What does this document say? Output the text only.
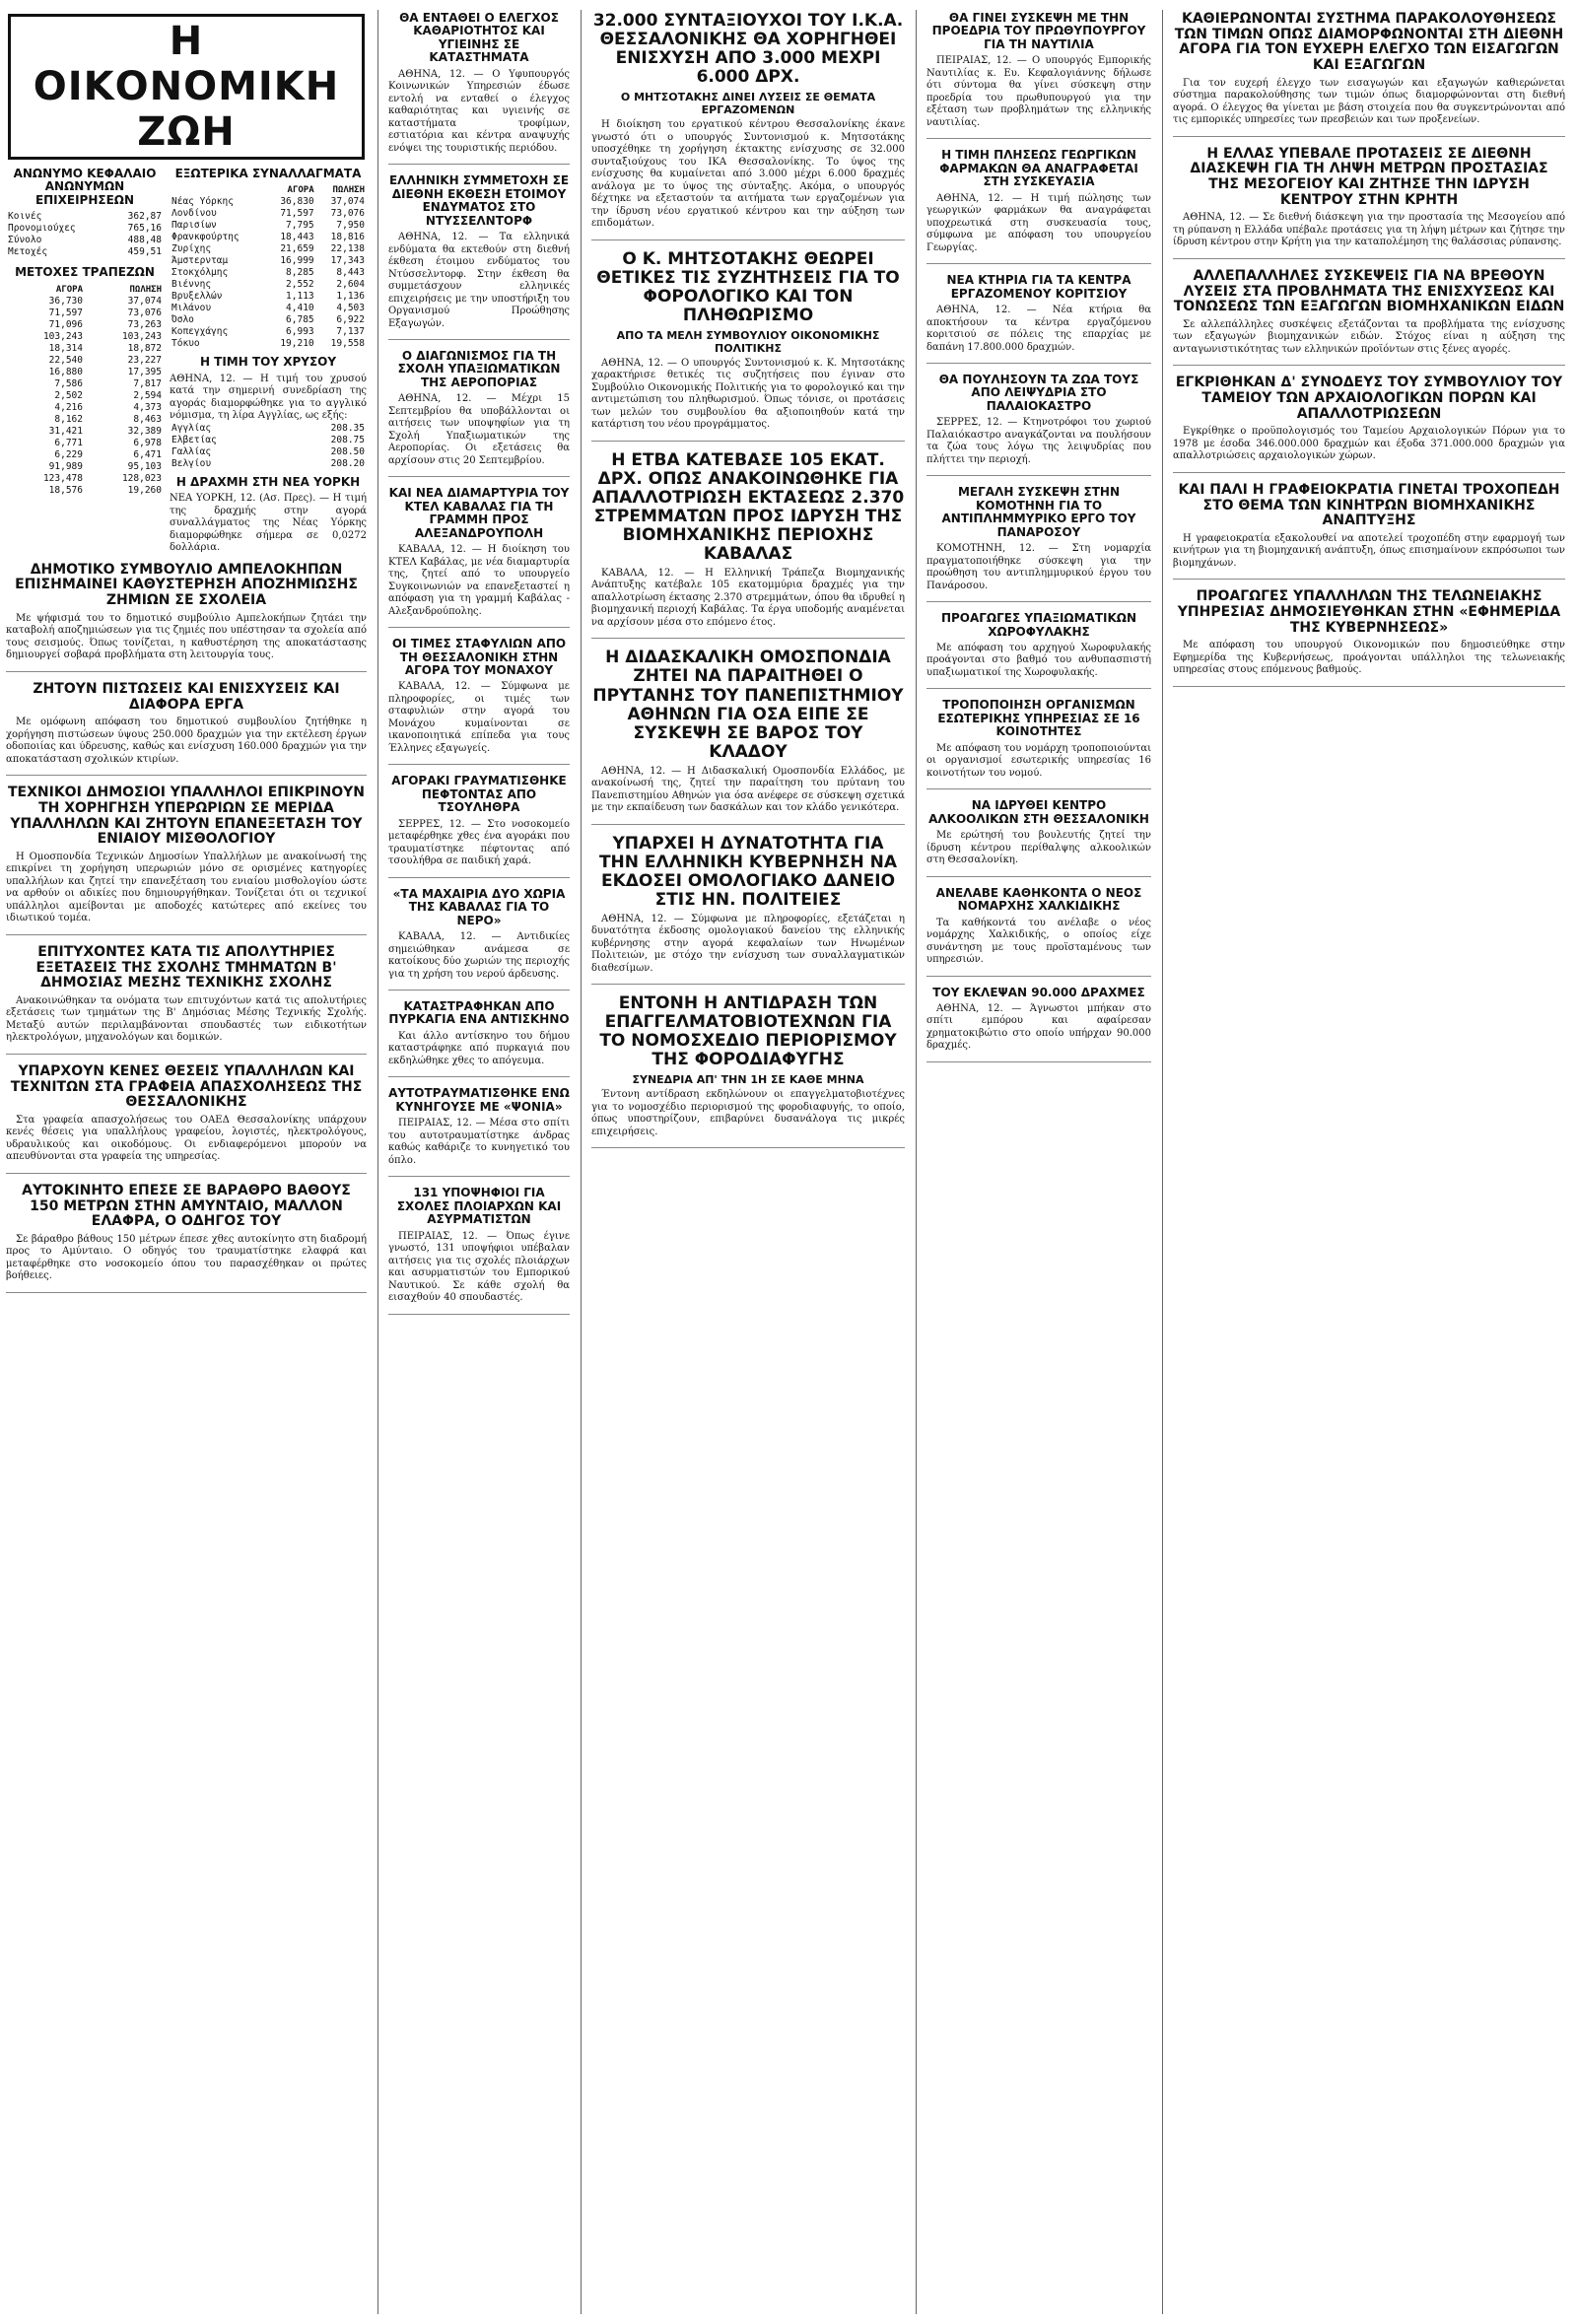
Η ΟΙΚΟΝΟΜΙΚΗ ΖΩΗ
ΑΝΩΝΥΜΟ ΚΕΦΑΛΑΙΟ ΑΝΩΝΥΜΩΝ ΕΠΙΧΕΙΡΗΣΕΩΝ
Κοινές	362,87
Προνομιούχες	765,16
Σύνολο	488,48
Μετοχές	459,51
ΜΕΤΟΧΕΣ ΤΡΑΠΕΖΩΝ
ΑΓΟΡΑ	ΠΩΛΗΣΗ
36,730	37,074
71,597	73,076
71,096	73,263
103,243	103,243
18,314	18,872
22,540	23,227
16,880	17,395
7,586	7,817
2,502	2,594
4,216	4,373
8,162	8,463
31,421	32,389
6,771	6,978
6,229	6,471
91,989	95,103
123,478	128,023
18,576	19,260
ΕΞΩΤΕΡΙΚΑ ΣΥΝΑΛΛΑΓΜΑΤΑ
	ΑΓΟΡΑ	ΠΩΛΗΣΗ
Νέας Υόρκης	36,830	37,074
Λονδίνου	71,597	73,076
Παρισίων	7,795	7,950
Φρανκφούρτης	18,443	18,816
Ζυρίχης	21,659	22,138
Άμστερνταμ	16,999	17,343
Στοκχόλμης	8,285	8,443
Βιέννης	2,552	2,604
Βρυξελλών	1,113	1,136
Μιλάνου	4,410	4,503
Όσλο	6,785	6,922
Κοπεγχάγης	6,993	7,137
Τόκυο	19,210	19,558
Η ΤΙΜΗ ΤΟΥ ΧΡΥΣΟΥ
ΑΘΗΝΑ, 12. — Η τιμή του χρυσού κατά την σημερινή συνεδρίαση της αγοράς διαμορφώθηκε για το αγγλικό νόμισμα, τη λίρα Αγγλίας, ως εξής:
Αγγλίας	208.35
Ελβετίας	208.75
Γαλλίας	208.50
Βελγίου	208.20
Η ΔΡΑΧΜΗ ΣΤΗ ΝΕΑ ΥΟΡΚΗ
ΝΕΑ ΥΟΡΚΗ, 12. (Ασ. Πρες). — Η τιμή της δραχμής στην αγορά συναλλάγματος της Νέας Υόρκης διαμορφώθηκε σήμερα σε 0,0272 δολλάρια.
ΔΗΜΟΤΙΚΟ ΣΥΜΒΟΥΛΙΟ ΑΜΠΕΛΟΚΗΠΩΝ ΕΠΙΣΗΜΑΙΝΕΙ ΚΑΘΥΣΤΕΡΗΣΗ ΑΠΟΖΗΜΙΩΣΗΣ ΖΗΜΙΩΝ ΣΕ ΣΧΟΛΕΙΑ

Με ψήφισμά του το δημοτικό συμβούλιο Αμπελοκήπων ζητάει την καταβολή αποζημιώσεων για τις ζημιές που υπέστησαν τα σχολεία από τους σεισμούς. Όπως τονίζεται, η καθυστέρηση της αποκατάστασης δημιουργεί σοβαρά προβλήματα στη λειτουργία τους.

ΖΗΤΟΥΝ ΠΙΣΤΩΣΕΙΣ ΚΑΙ ΕΝΙΣΧΥΣΕΙΣ ΚΑΙ ΔΙΑΦΟΡΑ ΕΡΓΑ

Με ομόφωνη απόφαση του δημοτικού συμβουλίου ζητήθηκε η χορήγηση πιστώσεων ύψους 250.000 δραχμών για την εκτέλεση έργων οδοποιίας και ύδρευσης, καθώς και ενίσχυση 160.000 δραχμών για την αποκατάσταση σχολικών κτιρίων.

ΤΕΧΝΙΚΟΙ ΔΗΜΟΣΙΟΙ ΥΠΑΛΛΗΛΟΙ ΕΠΙΚΡΙΝΟΥΝ ΤΗ ΧΟΡΗΓΗΣΗ ΥΠΕΡΩΡΙΩΝ ΣΕ ΜΕΡΙΔΑ ΥΠΑΛΛΗΛΩΝ ΚΑΙ ΖΗΤΟΥΝ ΕΠΑΝΕΞΕΤΑΣΗ ΤΟΥ ΕΝΙΑΙΟΥ ΜΙΣΘΟΛΟΓΙΟΥ

Η Ομοσπονδία Τεχνικών Δημοσίων Υπαλλήλων με ανακοίνωσή της επικρίνει τη χορήγηση υπερωριών μόνο σε ορισμένες κατηγορίες υπαλλήλων και ζητεί την επανεξέταση του ενιαίου μισθολογίου ώστε να αρθούν οι αδικίες που δημιουργήθηκαν. Τονίζεται ότι οι τεχνικοί υπάλληλοι αμείβονται με αποδοχές κατώτερες από εκείνες του ιδιωτικού τομέα.

ΕΠΙΤΥΧΟΝΤΕΣ ΚΑΤΑ ΤΙΣ ΑΠΟΛΥΤΗΡΙΕΣ ΕΞΕΤΑΣΕΙΣ ΤΗΣ ΣΧΟΛΗΣ ΤΜΗΜΑΤΩΝ Β' ΔΗΜΟΣΙΑΣ ΜΕΣΗΣ ΤΕΧΝΙΚΗΣ ΣΧΟΛΗΣ

Ανακοινώθηκαν τα ονόματα των επιτυχόντων κατά τις απολυτήριες εξετάσεις των τμημάτων της Β' Δημόσιας Μέσης Τεχνικής Σχολής. Μεταξύ αυτών περιλαμβάνονται σπουδαστές των ειδικοτήτων ηλεκτρολόγων, μηχανολόγων και δομικών.

ΥΠΑΡΧΟΥΝ ΚΕΝΕΣ ΘΕΣΕΙΣ ΥΠΑΛΛΗΛΩΝ ΚΑΙ ΤΕΧΝΙΤΩΝ ΣΤΑ ΓΡΑΦΕΙΑ ΑΠΑΣΧΟΛΗΣΕΩΣ ΤΗΣ ΘΕΣΣΑΛΟΝΙΚΗΣ

Στα γραφεία απασχολήσεως του ΟΑΕΔ Θεσσαλονίκης υπάρχουν κενές θέσεις για υπαλλήλους γραφείου, λογιστές, ηλεκτρολόγους, υδραυλικούς και οικοδόμους. Οι ενδιαφερόμενοι μπορούν να απευθύνονται στα γραφεία της υπηρεσίας.

ΑΥΤΟΚΙΝΗΤΟ ΕΠΕΣΕ ΣΕ ΒΑΡΑΘΡΟ ΒΑΘΟΥΣ 150 ΜΕΤΡΩΝ ΣΤΗΝ ΑΜΥΝΤΑΙΟ, ΜΑΛΛΟΝ ΕΛΑΦΡΑ, Ο ΟΔΗΓΟΣ ΤΟΥ

Σε βάραθρο βάθους 150 μέτρων έπεσε χθες αυτοκίνητο στη διαδρομή προς το Αμύνταιο. Ο οδηγός του τραυματίστηκε ελαφρά και μεταφέρθηκε στο νοσοκομείο όπου του παρασχέθηκαν οι πρώτες βοήθειες.

ΘΑ ΕΝΤΑΘΕΙ Ο ΕΛΕΓΧΟΣ ΚΑΘΑΡΙΟΤΗΤΟΣ ΚΑΙ ΥΓΙΕΙΝΗΣ ΣΕ ΚΑΤΑΣΤΗΜΑΤΑ

ΑΘΗΝΑ, 12. — Ο Υφυπουργός Κοινωνικών Υπηρεσιών έδωσε εντολή να ενταθεί ο έλεγχος καθαριότητας και υγιεινής σε καταστήματα τροφίμων, εστιατόρια και κέντρα αναψυχής ενόψει της τουριστικής περιόδου.

ΕΛΛΗΝΙΚΗ ΣΥΜΜΕΤΟΧΗ ΣΕ ΔΙΕΘΝΗ ΕΚΘΕΣΗ ΕΤΟΙΜΟΥ ΕΝΔΥΜΑΤΟΣ ΣΤΟ ΝΤΥΣΣΕΛΝΤΟΡΦ

ΑΘΗΝΑ, 12. — Τα ελληνικά ενδύματα θα εκτεθούν στη διεθνή έκθεση έτοιμου ενδύματος του Ντύσσελντορφ. Στην έκθεση θα συμμετάσχουν ελληνικές επιχειρήσεις με την υποστήριξη του Οργανισμού Προώθησης Εξαγωγών.

Ο ΔΙΑΓΩΝΙΣΜΟΣ ΓΙΑ ΤΗ ΣΧΟΛΗ ΥΠΑΞΙΩΜΑΤΙΚΩΝ ΤΗΣ ΑΕΡΟΠΟΡΙΑΣ

ΑΘΗΝΑ, 12. — Μέχρι 15 Σεπτεμβρίου θα υποβάλλονται οι αιτήσεις των υποψηφίων για τη Σχολή Υπαξιωματικών της Αεροπορίας. Οι εξετάσεις θα αρχίσουν στις 20 Σεπτεμβρίου.

ΚΑΙ ΝΕΑ ΔΙΑΜΑΡΤΥΡΙΑ ΤΟΥ ΚΤΕΛ ΚΑΒΑΛΑΣ ΓΙΑ ΤΗ ΓΡΑΜΜΗ ΠΡΟΣ ΑΛΕΞΑΝΔΡΟΥΠΟΛΗ

ΚΑΒΑΛΑ, 12. — Η διοίκηση του ΚΤΕΛ Καβάλας, με νέα διαμαρτυρία της, ζητεί από το υπουργείο Συγκοινωνιών να επανεξεταστεί η απόφαση για τη γραμμή Καβάλας - Αλεξανδρούπολης.

ΟΙ ΤΙΜΕΣ ΣΤΑΦΥΛΙΩΝ ΑΠΟ ΤΗ ΘΕΣΣΑΛΟΝΙΚΗ ΣΤΗΝ ΑΓΟΡΑ ΤΟΥ ΜΟΝΑΧΟΥ

ΚΑΒΑΛΑ, 12. — Σύμφωνα με πληροφορίες, οι τιμές των σταφυλιών στην αγορά του Μονάχου κυμαίνονται σε ικανοποιητικά επίπεδα για τους Έλληνες εξαγωγείς.

ΑΓΟΡΑΚΙ ΓΡΑΥΜΑΤΙΣΘΗΚΕ ΠΕΦΤΟΝΤΑΣ ΑΠΟ ΤΣΟΥΛΗΘΡΑ

ΣΕΡΡΕΣ, 12. — Στο νοσοκομείο μεταφέρθηκε χθες ένα αγοράκι που τραυματίστηκε πέφτοντας από τσουλήθρα σε παιδική χαρά.

«ΤΑ ΜΑΧΑΙΡΙΑ ΔΥΟ ΧΩΡΙΑ ΤΗΣ ΚΑΒΑΛΑΣ ΓΙΑ ΤΟ ΝΕΡΟ»

ΚΑΒΑΛΑ, 12. — Αντιδικίες σημειώθηκαν ανάμεσα σε κατοίκους δύο χωριών της περιοχής για τη χρήση του νερού άρδευσης.

ΚΑΤΑΣΤΡΑΦΗΚΑΝ ΑΠΟ ΠΥΡΚΑΓΙΑ ΕΝΑ ΑΝΤΙΣΚΗΝΟ

Και άλλο αντίσκηνο του δήμου καταστράφηκε από πυρκαγιά που εκδηλώθηκε χθες το απόγευμα.

ΑΥΤΟΤΡΑΥΜΑΤΙΣΘΗΚΕ ΕΝΩ ΚΥΝΗΓΟΥΣΕ ΜΕ «ΨΟΝΙΑ»

ΠΕΙΡΑΙΑΣ, 12. — Μέσα στο σπίτι του αυτοτραυματίστηκε άνδρας καθώς καθάριζε το κυνηγετικό του όπλο.

131 ΥΠΟΨΗΦΙΟΙ ΓΙΑ ΣΧΟΛΕΣ ΠΛΟΙΑΡΧΩΝ ΚΑΙ ΑΣΥΡΜΑΤΙΣΤΩΝ

ΠΕΙΡΑΙΑΣ, 12. — Όπως έγινε γνωστό, 131 υποψήφιοι υπέβαλαν αιτήσεις για τις σχολές πλοιάρχων και ασυρματιστών του Εμπορικού Ναυτικού. Σε κάθε σχολή θα εισαχθούν 40 σπουδαστές.

32.000 ΣΥΝΤΑΞΙΟΥΧΟΙ ΤΟΥ Ι.Κ.Α. ΘΕΣΣΑΛΟΝΙΚΗΣ ΘΑ ΧΟΡΗΓΗΘΕΙ ΕΝΙΣΧΥΣΗ ΑΠΟ 3.000 ΜΕΧΡΙ 6.000 ΔΡΧ.
Ο ΜΗΤΣΟΤΑΚΗΣ ΔΙΝΕΙ ΛΥΣΕΙΣ ΣΕ ΘΕΜΑΤΑ ΕΡΓΑΖΟΜΕΝΩΝ

Η διοίκηση του εργατικού κέντρου Θεσσαλονίκης έκανε γνωστό ότι ο υπουργός Συντονισμού κ. Μητσοτάκης υποσχέθηκε τη χορήγηση έκτακτης ενίσχυσης σε 32.000 συνταξιούχους του ΙΚΑ Θεσσαλονίκης. Το ύψος της ενίσχυσης θα κυμαίνεται από 3.000 μέχρι 6.000 δραχμές ανάλογα με το ύψος της σύνταξης. Ακόμα, ο υπουργός δέχτηκε να εξεταστούν τα αιτήματα των εργαζομένων για την ίδρυση νέου εργατικού κέντρου και την αύξηση των επιδομάτων.

Ο Κ. ΜΗΤΣΟΤΑΚΗΣ ΘΕΩΡΕΙ ΘΕΤΙΚΕΣ ΤΙΣ ΣΥΖΗΤΗΣΕΙΣ ΓΙΑ ΤΟ ΦΟΡΟΛΟΓΙΚΟ ΚΑΙ ΤΟΝ ΠΛΗΘΩΡΙΣΜΟ
ΑΠΟ ΤΑ ΜΕΛΗ ΣΥΜΒΟΥΛΙΟΥ ΟΙΚΟΝΟΜΙΚΗΣ ΠΟΛΙΤΙΚΗΣ

ΑΘΗΝΑ, 12. — Ο υπουργός Συντονισμού κ. Κ. Μητσοτάκης χαρακτήρισε θετικές τις συζητήσεις που έγιναν στο Συμβούλιο Οικονομικής Πολιτικής για το φορολογικό και την αντιμετώπιση του πληθωρισμού. Όπως τόνισε, οι προτάσεις των μελών του συμβουλίου θα αξιοποιηθούν κατά την κατάρτιση του νέου προγράμματος.

Η ΕΤΒΑ ΚΑΤΕΒΑΣΕ 105 ΕΚΑΤ. ΔΡΧ. ΟΠΩΣ ΑΝΑΚΟΙΝΩΘΗΚΕ ΓΙΑ ΑΠΑΛΛΟΤΡΙΩΣΗ ΕΚΤΑΣΕΩΣ 2.370 ΣΤΡΕΜΜΑΤΩΝ ΠΡΟΣ ΙΔΡΥΣΗ ΤΗΣ ΒΙΟΜΗΧΑΝΙΚΗΣ ΠΕΡΙΟΧΗΣ ΚΑΒΑΛΑΣ

ΚΑΒΑΛΑ, 12. — Η Ελληνική Τράπεζα Βιομηχανικής Ανάπτυξης κατέβαλε 105 εκατομμύρια δραχμές για την απαλλοτρίωση έκτασης 2.370 στρεμμάτων, όπου θα ιδρυθεί η βιομηχανική περιοχή Καβάλας. Τα έργα υποδομής αναμένεται να αρχίσουν μέσα στο επόμενο έτος.

Η ΔΙΔΑΣΚΑΛΙΚΗ ΟΜΟΣΠΟΝΔΙΑ ΖΗΤΕΙ ΝΑ ΠΑΡΑΙΤΗΘΕΙ Ο ΠΡΥΤΑΝΗΣ ΤΟΥ ΠΑΝΕΠΙΣΤΗΜΙΟΥ ΑΘΗΝΩΝ ΓΙΑ ΟΣΑ ΕΙΠΕ ΣΕ ΣΥΣΚΕΨΗ ΣΕ ΒΑΡΟΣ ΤΟΥ ΚΛΑΔΟΥ

ΑΘΗΝΑ, 12. — Η Διδασκαλική Ομοσπονδία Ελλάδος, με ανακοίνωσή της, ζητεί την παραίτηση του πρύτανη του Πανεπιστημίου Αθηνών για όσα ανέφερε σε σύσκεψη σχετικά με την εκπαίδευση των δασκάλων και τον κλάδο γενικότερα.

ΥΠΑΡΧΕΙ Η ΔΥΝΑΤΟΤΗΤΑ ΓΙΑ ΤΗΝ ΕΛΛΗΝΙΚΗ ΚΥΒΕΡΝΗΣΗ ΝΑ ΕΚΔΟΣΕΙ ΟΜΟΛΟΓΙΑΚΟ ΔΑΝΕΙΟ ΣΤΙΣ ΗΝ. ΠΟΛΙΤΕΙΕΣ

ΑΘΗΝΑ, 12. — Σύμφωνα με πληροφορίες, εξετάζεται η δυνατότητα έκδοσης ομολογιακού δανείου της ελληνικής κυβέρνησης στην αγορά κεφαλαίων των Ηνωμένων Πολιτειών, με στόχο την ενίσχυση των συναλλαγματικών διαθεσίμων.

ΕΝΤΟΝΗ Η ΑΝΤΙΔΡΑΣΗ ΤΩΝ ΕΠΑΓΓΕΛΜΑΤΟΒΙΟΤΕΧΝΩΝ ΓΙΑ ΤΟ ΝΟΜΟΣΧΕΔΙΟ ΠΕΡΙΟΡΙΣΜΟΥ ΤΗΣ ΦΟΡΟΔΙΑΦΥΓΗΣ
ΣΥΝΕΔΡΙΑ ΑΠ' ΤΗΝ 1Η ΣΕ ΚΑΘΕ ΜΗΝΑ

Έντονη αντίδραση εκδηλώνουν οι επαγγελματοβιοτέχνες για το νομοσχέδιο περιορισμού της φοροδιαφυγής, το οποίο, όπως υποστηρίζουν, επιβαρύνει δυσανάλογα τις μικρές επιχειρήσεις.

ΘΑ ΓΙΝΕΙ ΣΥΣΚΕΨΗ ΜΕ ΤΗΝ ΠΡΟΕΔΡΙΑ ΤΟΥ ΠΡΩΘΥΠΟΥΡΓΟΥ ΓΙΑ ΤΗ ΝΑΥΤΙΛΙΑ

ΠΕΙΡΑΙΑΣ, 12. — Ο υπουργός Εμπορικής Ναυτιλίας κ. Ευ. Κεφαλογιάννης δήλωσε ότι σύντομα θα γίνει σύσκεψη στην προεδρία του πρωθυπουργού για την εξέταση των προβλημάτων της ελληνικής ναυτιλίας.

Η ΤΙΜΗ ΠΛΗΣΕΩΣ ΓΕΩΡΓΙΚΩΝ ΦΑΡΜΑΚΩΝ ΘΑ ΑΝΑΓΡΑΦΕΤΑΙ ΣΤΗ ΣΥΣΚΕΥΑΣΙΑ

ΑΘΗΝΑ, 12. — Η τιμή πώλησης των γεωργικών φαρμάκων θα αναγράφεται υποχρεωτικά στη συσκευασία τους, σύμφωνα με απόφαση του υπουργείου Γεωργίας.

ΝΕΑ ΚΤΗΡΙΑ ΓΙΑ ΤΑ ΚΕΝΤΡΑ ΕΡΓΑΖΟΜΕΝΟΥ ΚΟΡΙΤΣΙΟΥ

ΑΘΗΝΑ, 12. — Νέα κτήρια θα αποκτήσουν τα κέντρα εργαζόμενου κοριτσιού σε πόλεις της επαρχίας με δαπάνη 17.800.000 δραχμών.

ΘΑ ΠΟΥΛΗΣΟΥΝ ΤΑ ΖΩΑ ΤΟΥΣ ΑΠΟ ΛΕΙΨΥΔΡΙΑ ΣΤΟ ΠΑΛΑΙΟΚΑΣΤΡΟ

ΣΕΡΡΕΣ, 12. — Κτηνοτρόφοι του χωριού Παλαιόκαστρο αναγκάζονται να πουλήσουν τα ζώα τους λόγω της λειψυδρίας που πλήττει την περιοχή.

ΜΕΓΑΛΗ ΣΥΣΚΕΨΗ ΣΤΗΝ ΚΟΜΟΤΗΝΗ ΓΙΑ ΤΟ ΑΝΤΙΠΛΗΜΜΥΡΙΚΟ ΕΡΓΟ ΤΟΥ ΠΑΝΑΡΟΣΟΥ

ΚΟΜΟΤΗΝΗ, 12. — Στη νομαρχία πραγματοποιήθηκε σύσκεψη για την προώθηση του αντιπλημμυρικού έργου του Πανάροσου.

ΠΡΟΑΓΩΓΕΣ ΥΠΑΞΙΩΜΑΤΙΚΩΝ ΧΩΡΟΦΥΛΑΚΗΣ

Με απόφαση του αρχηγού Χωροφυλακής προάγονται στο βαθμό του ανθυπασπιστή υπαξιωματικοί της Χωροφυλακής.

ΤΡΟΠΟΠΟΙΗΣΗ ΟΡΓΑΝΙΣΜΩΝ ΕΣΩΤΕΡΙΚΗΣ ΥΠΗΡΕΣΙΑΣ ΣΕ 16 ΚΟΙΝΟΤΗΤΕΣ

Με απόφαση του νομάρχη τροποποιούνται οι οργανισμοί εσωτερικής υπηρεσίας 16 κοινοτήτων του νομού.

ΝΑ ΙΔΡΥΘΕΙ ΚΕΝΤΡΟ ΑΛΚΟΟΛΙΚΩΝ ΣΤΗ ΘΕΣΣΑΛΟΝΙΚΗ

Με ερώτησή του βουλευτής ζητεί την ίδρυση κέντρου περίθαλψης αλκοολικών στη Θεσσαλονίκη.

ΑΝΕΛΑΒΕ ΚΑΘΗΚΟΝΤΑ Ο ΝΕΟΣ ΝΟΜΑΡΧΗΣ ΧΑΛΚΙΔΙΚΗΣ

Τα καθήκοντά του ανέλαβε ο νέος νομάρχης Χαλκιδικής, ο οποίος είχε συνάντηση με τους προϊσταμένους των υπηρεσιών.

ΤΟΥ ΕΚΛΕΨΑΝ 90.000 ΔΡΑΧΜΕΣ

ΑΘΗΝΑ, 12. — Άγνωστοι μπήκαν στο σπίτι εμπόρου και αφαίρεσαν χρηματοκιβώτιο στο οποίο υπήρχαν 90.000 δραχμές.

ΚΑΘΙΕΡΩΝΟΝΤΑΙ ΣΥΣΤΗΜΑ ΠΑΡΑΚΟΛΟΥΘΗΣΕΩΣ ΤΩΝ ΤΙΜΩΝ ΟΠΩΣ ΔΙΑΜΟΡΦΩΝΟΝΤΑΙ ΣΤΗ ΔΙΕΘΝΗ ΑΓΟΡΑ ΓΙΑ ΤΟΝ ΕΥΧΕΡΗ ΕΛΕΓΧΟ ΤΩΝ ΕΙΣΑΓΩΓΩΝ ΚΑΙ ΕΞΑΓΩΓΩΝ

Για τον ευχερή έλεγχο των εισαγωγών και εξαγωγών καθιερώνεται σύστημα παρακολούθησης των τιμών όπως διαμορφώνονται στη διεθνή αγορά. Ο έλεγχος θα γίνεται με βάση στοιχεία που θα συγκεντρώνονται από τις εμπορικές υπηρεσίες των πρεσβειών και των προξενείων.

Η ΕΛΛΑΣ ΥΠΕΒΑΛΕ ΠΡΟΤΑΣΕΙΣ ΣΕ ΔΙΕΘΝΗ ΔΙΑΣΚΕΨΗ ΓΙΑ ΤΗ ΛΗΨΗ ΜΕΤΡΩΝ ΠΡΟΣΤΑΣΙΑΣ ΤΗΣ ΜΕΣΟΓΕΙΟΥ ΚΑΙ ΖΗΤΗΣΕ ΤΗΝ ΙΔΡΥΣΗ ΚΕΝΤΡΟΥ ΣΤΗΝ ΚΡΗΤΗ

ΑΘΗΝΑ, 12. — Σε διεθνή διάσκεψη για την προστασία της Μεσογείου από τη ρύπανση η Ελλάδα υπέβαλε προτάσεις για τη λήψη μέτρων και ζήτησε την ίδρυση κέντρου στην Κρήτη για την καταπολέμηση της θαλάσσιας ρύπανσης.

ΑΛΛΕΠΑΛΛΗΛΕΣ ΣΥΣΚΕΨΕΙΣ ΓΙΑ ΝΑ ΒΡΕΘΟΥΝ ΛΥΣΕΙΣ ΣΤΑ ΠΡΟΒΛΗΜΑΤΑ ΤΗΣ ΕΝΙΣΧΥΣΕΩΣ ΚΑΙ ΤΟΝΩΣΕΩΣ ΤΩΝ ΕΞΑΓΩΓΩΝ ΒΙΟΜΗΧΑΝΙΚΩΝ ΕΙΔΩΝ

Σε αλλεπάλληλες συσκέψεις εξετάζονται τα προβλήματα της ενίσχυσης των εξαγωγών βιομηχανικών ειδών. Στόχος είναι η αύξηση της ανταγωνιστικότητας των ελληνικών προϊόντων στις ξένες αγορές.

ΕΓΚΡΙΘΗΚΑΝ Δ' ΣΥΝΟΔΕΥΣ ΤΟΥ ΣΥΜΒΟΥΛΙΟΥ ΤΟΥ ΤΑΜΕΙΟΥ ΤΩΝ ΑΡΧΑΙΟΛΟΓΙΚΩΝ ΠΟΡΩΝ ΚΑΙ ΑΠΑΛΛΟΤΡΙΩΣΕΩΝ

Εγκρίθηκε ο προϋπολογισμός του Ταμείου Αρχαιολογικών Πόρων για το 1978 με έσοδα 346.000.000 δραχμών και έξοδα 371.000.000 δραχμών για απαλλοτριώσεις αρχαιολογικών χώρων.

ΚΑΙ ΠΑΛΙ Η ΓΡΑΦΕΙΟΚΡΑΤΙΑ ΓΙΝΕΤΑΙ ΤΡΟΧΟΠΕΔΗ ΣΤΟ ΘΕΜΑ ΤΩΝ ΚΙΝΗΤΡΩΝ ΒΙΟΜΗΧΑΝΙΚΗΣ ΑΝΑΠΤΥΞΗΣ

Η γραφειοκρατία εξακολουθεί να αποτελεί τροχοπέδη στην εφαρμογή των κινήτρων για τη βιομηχανική ανάπτυξη, όπως επισημαίνουν εκπρόσωποι των βιομηχάνων.

ΠΡΟΑΓΩΓΕΣ ΥΠΑΛΛΗΛΩΝ ΤΗΣ ΤΕΛΩΝΕΙΑΚΗΣ ΥΠΗΡΕΣΙΑΣ ΔΗΜΟΣΙΕΥΘΗΚΑΝ ΣΤΗΝ «ΕΦΗΜΕΡΙΔΑ ΤΗΣ ΚΥΒΕΡΝΗΣΕΩΣ»

Με απόφαση του υπουργού Οικονομικών που δημοσιεύθηκε στην Εφημερίδα της Κυβερνήσεως, προάγονται υπάλληλοι της τελωνειακής υπηρεσίας στους επόμενους βαθμούς.
